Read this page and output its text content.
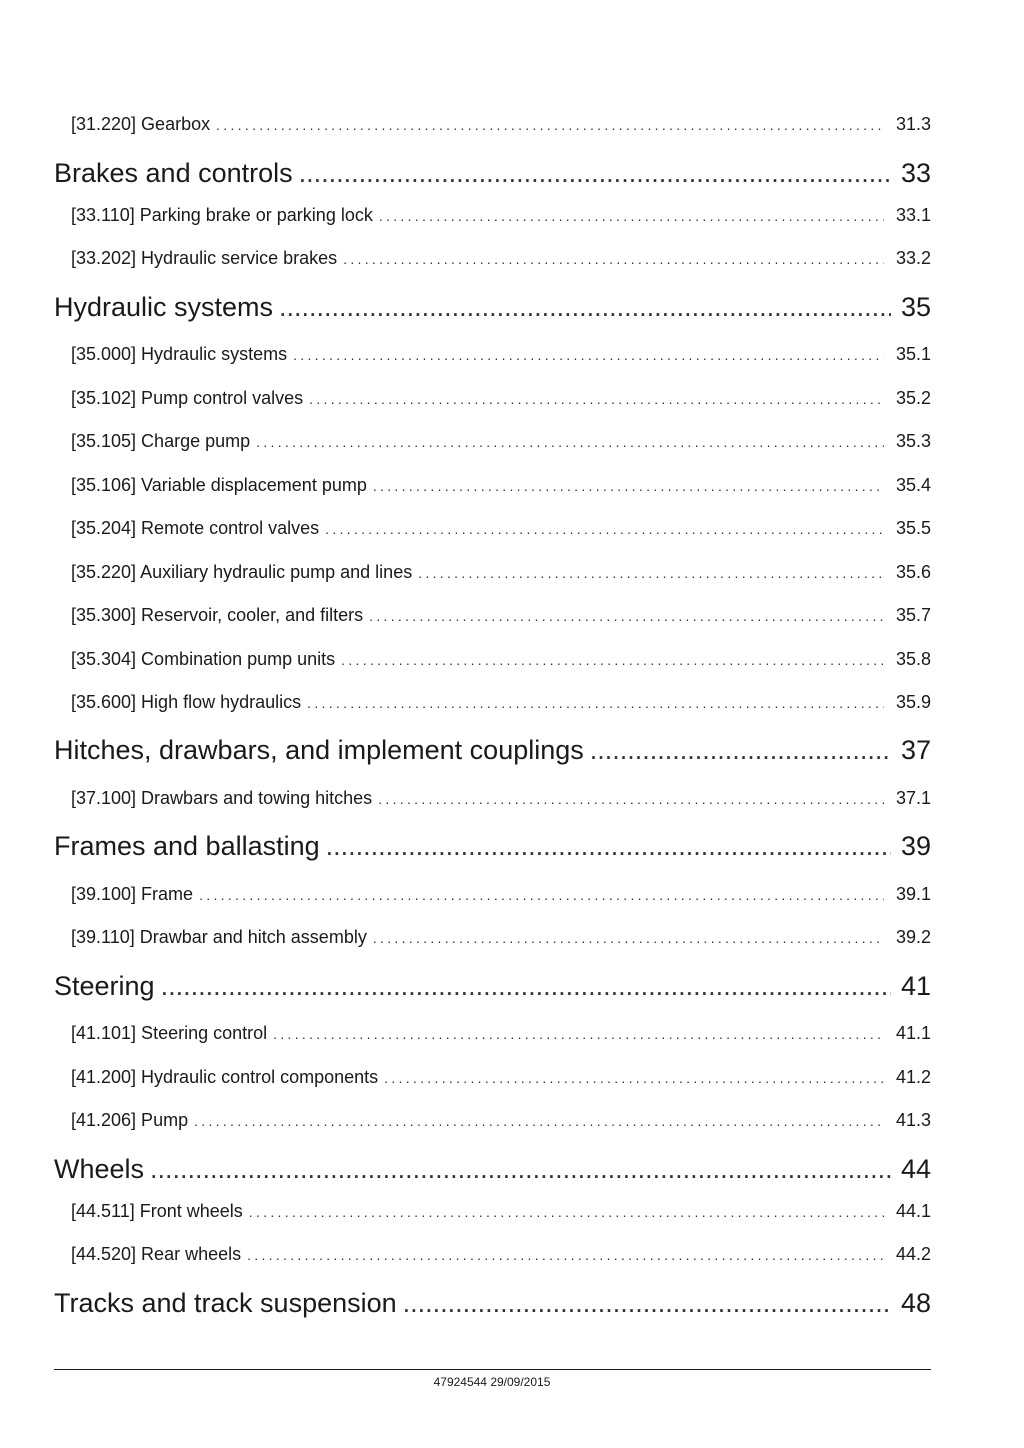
[31.220] Gearbox .....	31.3
Brakes and controls .....	33
[33.110] Parking brake or parking lock .....	33.1
[33.202] Hydraulic service brakes .....	33.2
Hydraulic systems .....	35
[35.000] Hydraulic systems .....	35.1
[35.102] Pump control valves .....	35.2
[35.105] Charge pump .....	35.3
[35.106] Variable displacement pump .....	35.4
[35.204] Remote control valves .....	35.5
[35.220] Auxiliary hydraulic pump and lines .....	35.6
[35.300] Reservoir, cooler, and filters .....	35.7
[35.304] Combination pump units .....	35.8
[35.600] High flow hydraulics .....	35.9
Hitches, drawbars, and implement couplings .....	37
[37.100] Drawbars and towing hitches .....	37.1
Frames and ballasting .....	39
[39.100] Frame .....	39.1
[39.110] Drawbar and hitch assembly .....	39.2
Steering .....	41
[41.101] Steering control .....	41.1
[41.200] Hydraulic control components .....	41.2
[41.206] Pump .....	41.3
Wheels .....	44
[44.511] Front wheels .....	44.1
[44.520] Rear wheels .....	44.2
Tracks and track suspension .....	48
47924544 29/09/2015
